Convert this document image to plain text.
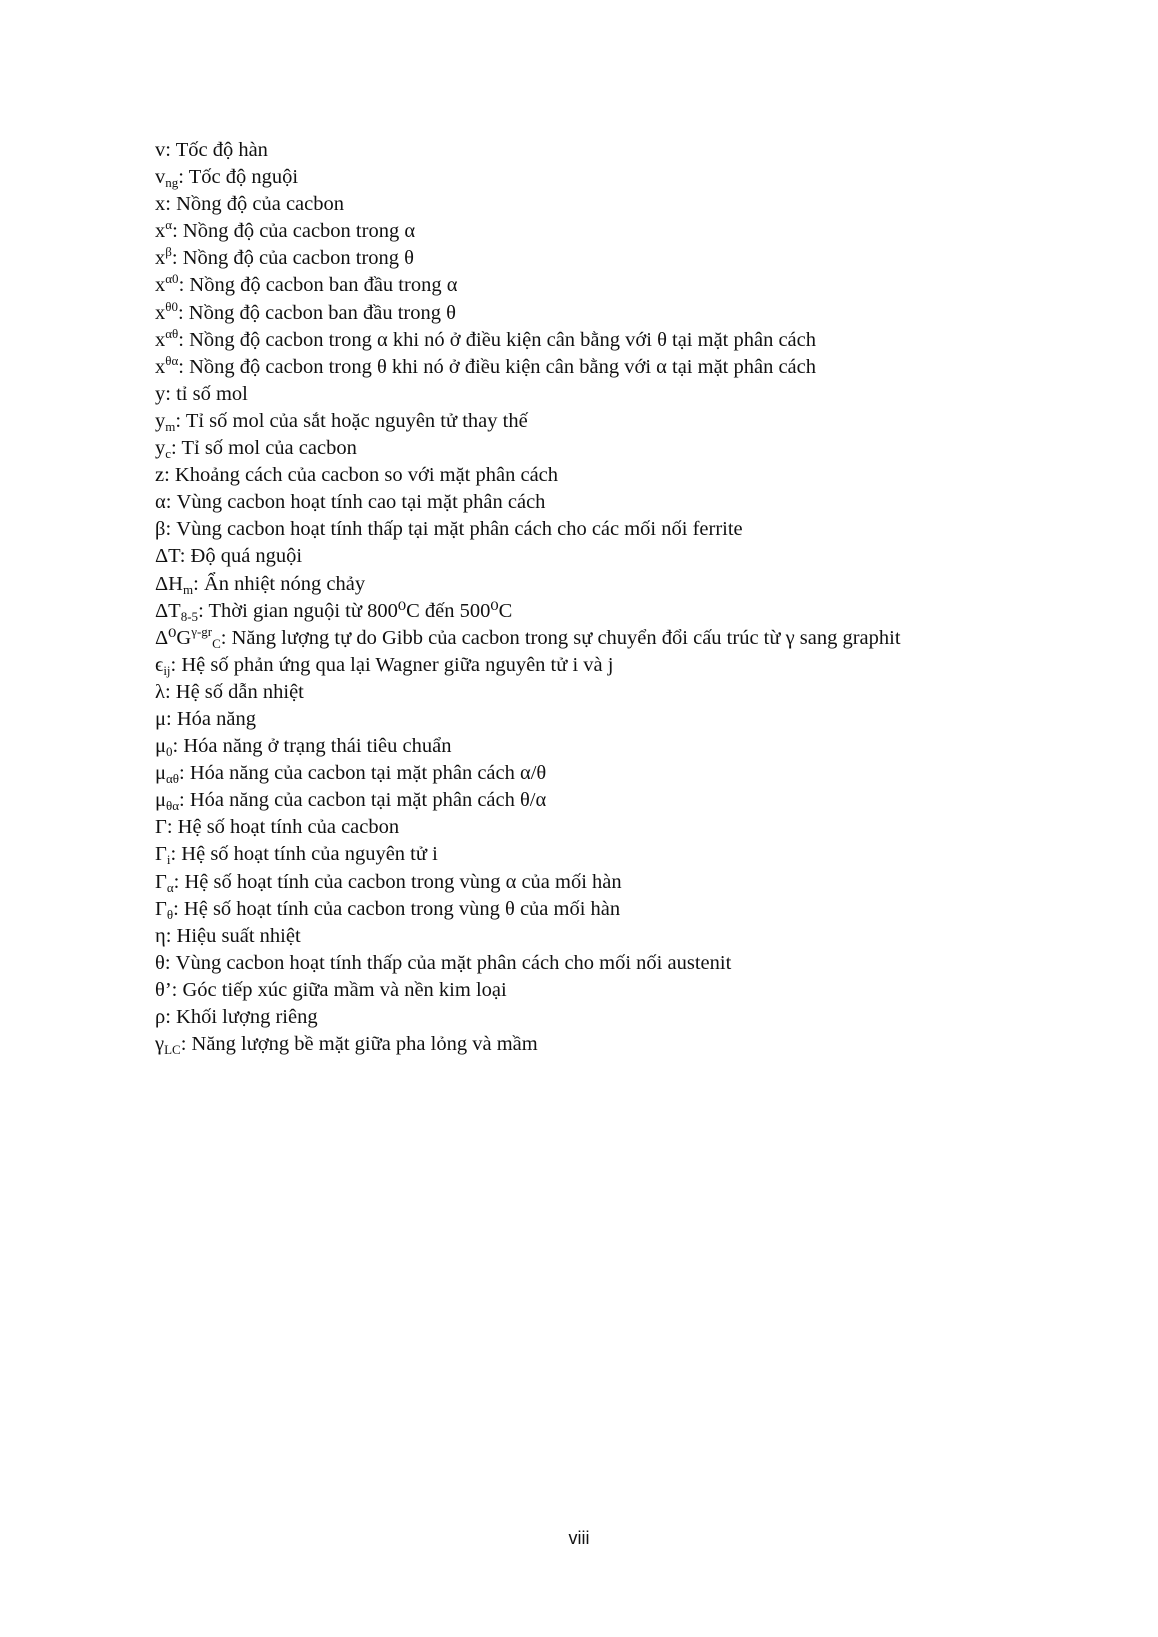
v: Tốc độ hàn
$v_{ng}$: Tốc độ nguội
x: Nồng độ của cacbon
$x^\alpha$: Nồng độ của cacbon trong α
$x^\beta$: Nồng độ của cacbon trong θ
$x^{\alpha 0}$: Nồng độ cacbon ban đầu trong α
$x^{\theta 0}$: Nồng độ cacbon ban đầu trong θ
$x^{\alpha\theta}$: Nồng độ cacbon trong α khi nó ở điều kiện cân bằng với θ tại mặt phân cách
$x^{\theta\alpha}$: Nồng độ cacbon trong θ khi nó ở điều kiện cân bằng với α tại mặt phân cách
y: tỉ số mol
$y_m$: Tỉ số mol của sắt hoặc nguyên tử thay thế
$y_c$: Tỉ số mol của cacbon
z: Khoảng cách của cacbon so với mặt phân cách
α: Vùng cacbon hoạt tính cao tại mặt phân cách
β: Vùng cacbon hoạt tính thấp tại mặt phân cách cho các mối nối ferrite
ΔT: Độ quá nguội
$\Delta H_m$: Ẩn nhiệt nóng chảy
$\Delta T_{8-5}$: Thời gian nguội từ 800⁰C đến 500⁰C
$\Delta^0G^{\gamma-gr}_C$: Năng lượng tự do Gibb của cacbon trong sự chuyển đổi cấu trúc từ γ sang graphit
$\epsilon_{ij}$: Hệ số phản ứng qua lại Wagner giữa nguyên tử i và j
λ: Hệ số dẫn nhiệt
μ: Hóa năng
$\mu_0$: Hóa năng ở trạng thái tiêu chuẩn
$\mu_{\alpha\theta}$: Hóa năng của cacbon tại mặt phân cách α/θ
$\mu_{\theta\alpha}$: Hóa năng của cacbon tại mặt phân cách θ/α
Γ: Hệ số hoạt tính của cacbon
$\Gamma_i$: Hệ số hoạt tính của nguyên tử i
$\Gamma_\alpha$: Hệ số hoạt tính của cacbon trong vùng α của mối hàn
$\Gamma_\theta$: Hệ số hoạt tính của cacbon trong vùng θ của mối hàn
η: Hiệu suất nhiệt
θ: Vùng cacbon hoạt tính thấp của mặt phân cách cho mối nối austenit
θ’: Góc tiếp xúc giữa mầm và nền kim loại
ρ: Khối lượng riêng
$\gamma_{LC}$: Năng lượng bề mặt giữa pha lỏng và mầm
viii
